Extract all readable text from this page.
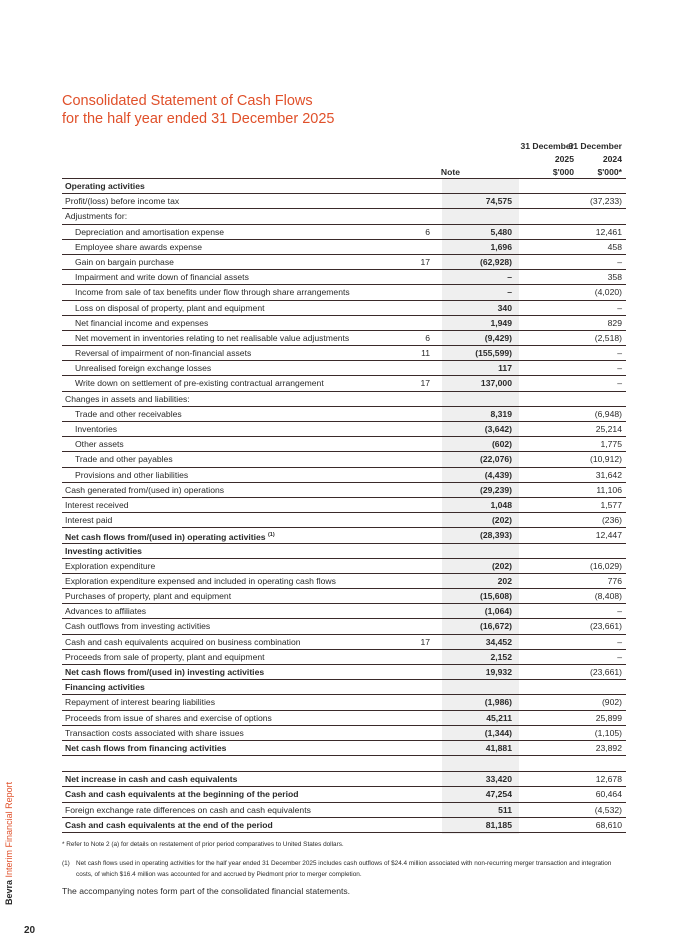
Consolidated Statement of Cash Flows
for the half year ended 31 December 2025
Note
31 December
2025
$'000
31 December
2024
$'000*
Operating activities
Profit/(loss) before income tax	74,575	(37,233)
Adjustments for:
Depreciation and amortisation expense	6	5,480	12,461
Employee share awards expense	1,696	458
Gain on bargain purchase	17	(62,928)	–
Impairment and write down of financial assets	–	358
Income from sale of tax benefits under flow through share arrangements	–	(4,020)
Loss on disposal of property, plant and equipment	340	–
Net financial income and expenses	1,949	829
Net movement in inventories relating to net realisable value adjustments	6	(9,429)	(2,518)
Reversal of impairment of non-financial assets	11	(155,599)	–
Unrealised foreign exchange losses	117	–
Write down on settlement of pre-existing contractual arrangement	17	137,000	–
Changes in assets and liabilities:
Trade and other receivables	8,319	(6,948)
Inventories	(3,642)	25,214
Other assets	(602)	1,775
Trade and other payables	(22,076)	(10,912)
Provisions and other liabilities	(4,439)	31,642
Cash generated from/(used in) operations	(29,239)	11,106
Interest received	1,048	1,577
Interest paid	(202)	(236)
Net cash flows from/(used in) operating activities $^{(1)}$	(28,393)	12,447
Investing activities
Exploration expenditure	(202)	(16,029)
Exploration expenditure expensed and included in operating cash flows	202	776
Purchases of property, plant and equipment	(15,608)	(8,408)
Advances to affiliates	(1,064)	–
Cash outflows from investing activities	(16,672)	(23,661)
Cash and cash equivalents acquired on business combination	17	34,452	–
Proceeds from sale of property, plant and equipment	2,152	–
Net cash flows from/(used in) investing activities	19,932	(23,661)
Financing activities
Repayment of interest bearing liabilities	(1,986)	(902)
Proceeds from issue of shares and exercise of options	45,211	25,899
Transaction costs associated with share issues	(1,344)	(1,105)
Net cash flows from financing activities	41,881	23,892
Net increase in cash and cash equivalents	33,420	12,678
Cash and cash equivalents at the beginning of the period	47,254	60,464
Foreign exchange rate differences on cash and cash equivalents	511	(4,532)
Cash and cash equivalents at the end of the period	81,185	68,610
* Refer to Note 2 (a) for details on restatement of prior period comparatives to United States dollars.
(1) Net cash flows used in operating activities for the half year ended 31 December 2025 includes cash outflows of $24.4 million associated with non-recurring merger transaction and integration costs, of which $16.4 million was accounted for and accrued by Piedmont prior to merger completion.
The accompanying notes form part of the consolidated financial statements.
Bevra Interim Financial Report
20
